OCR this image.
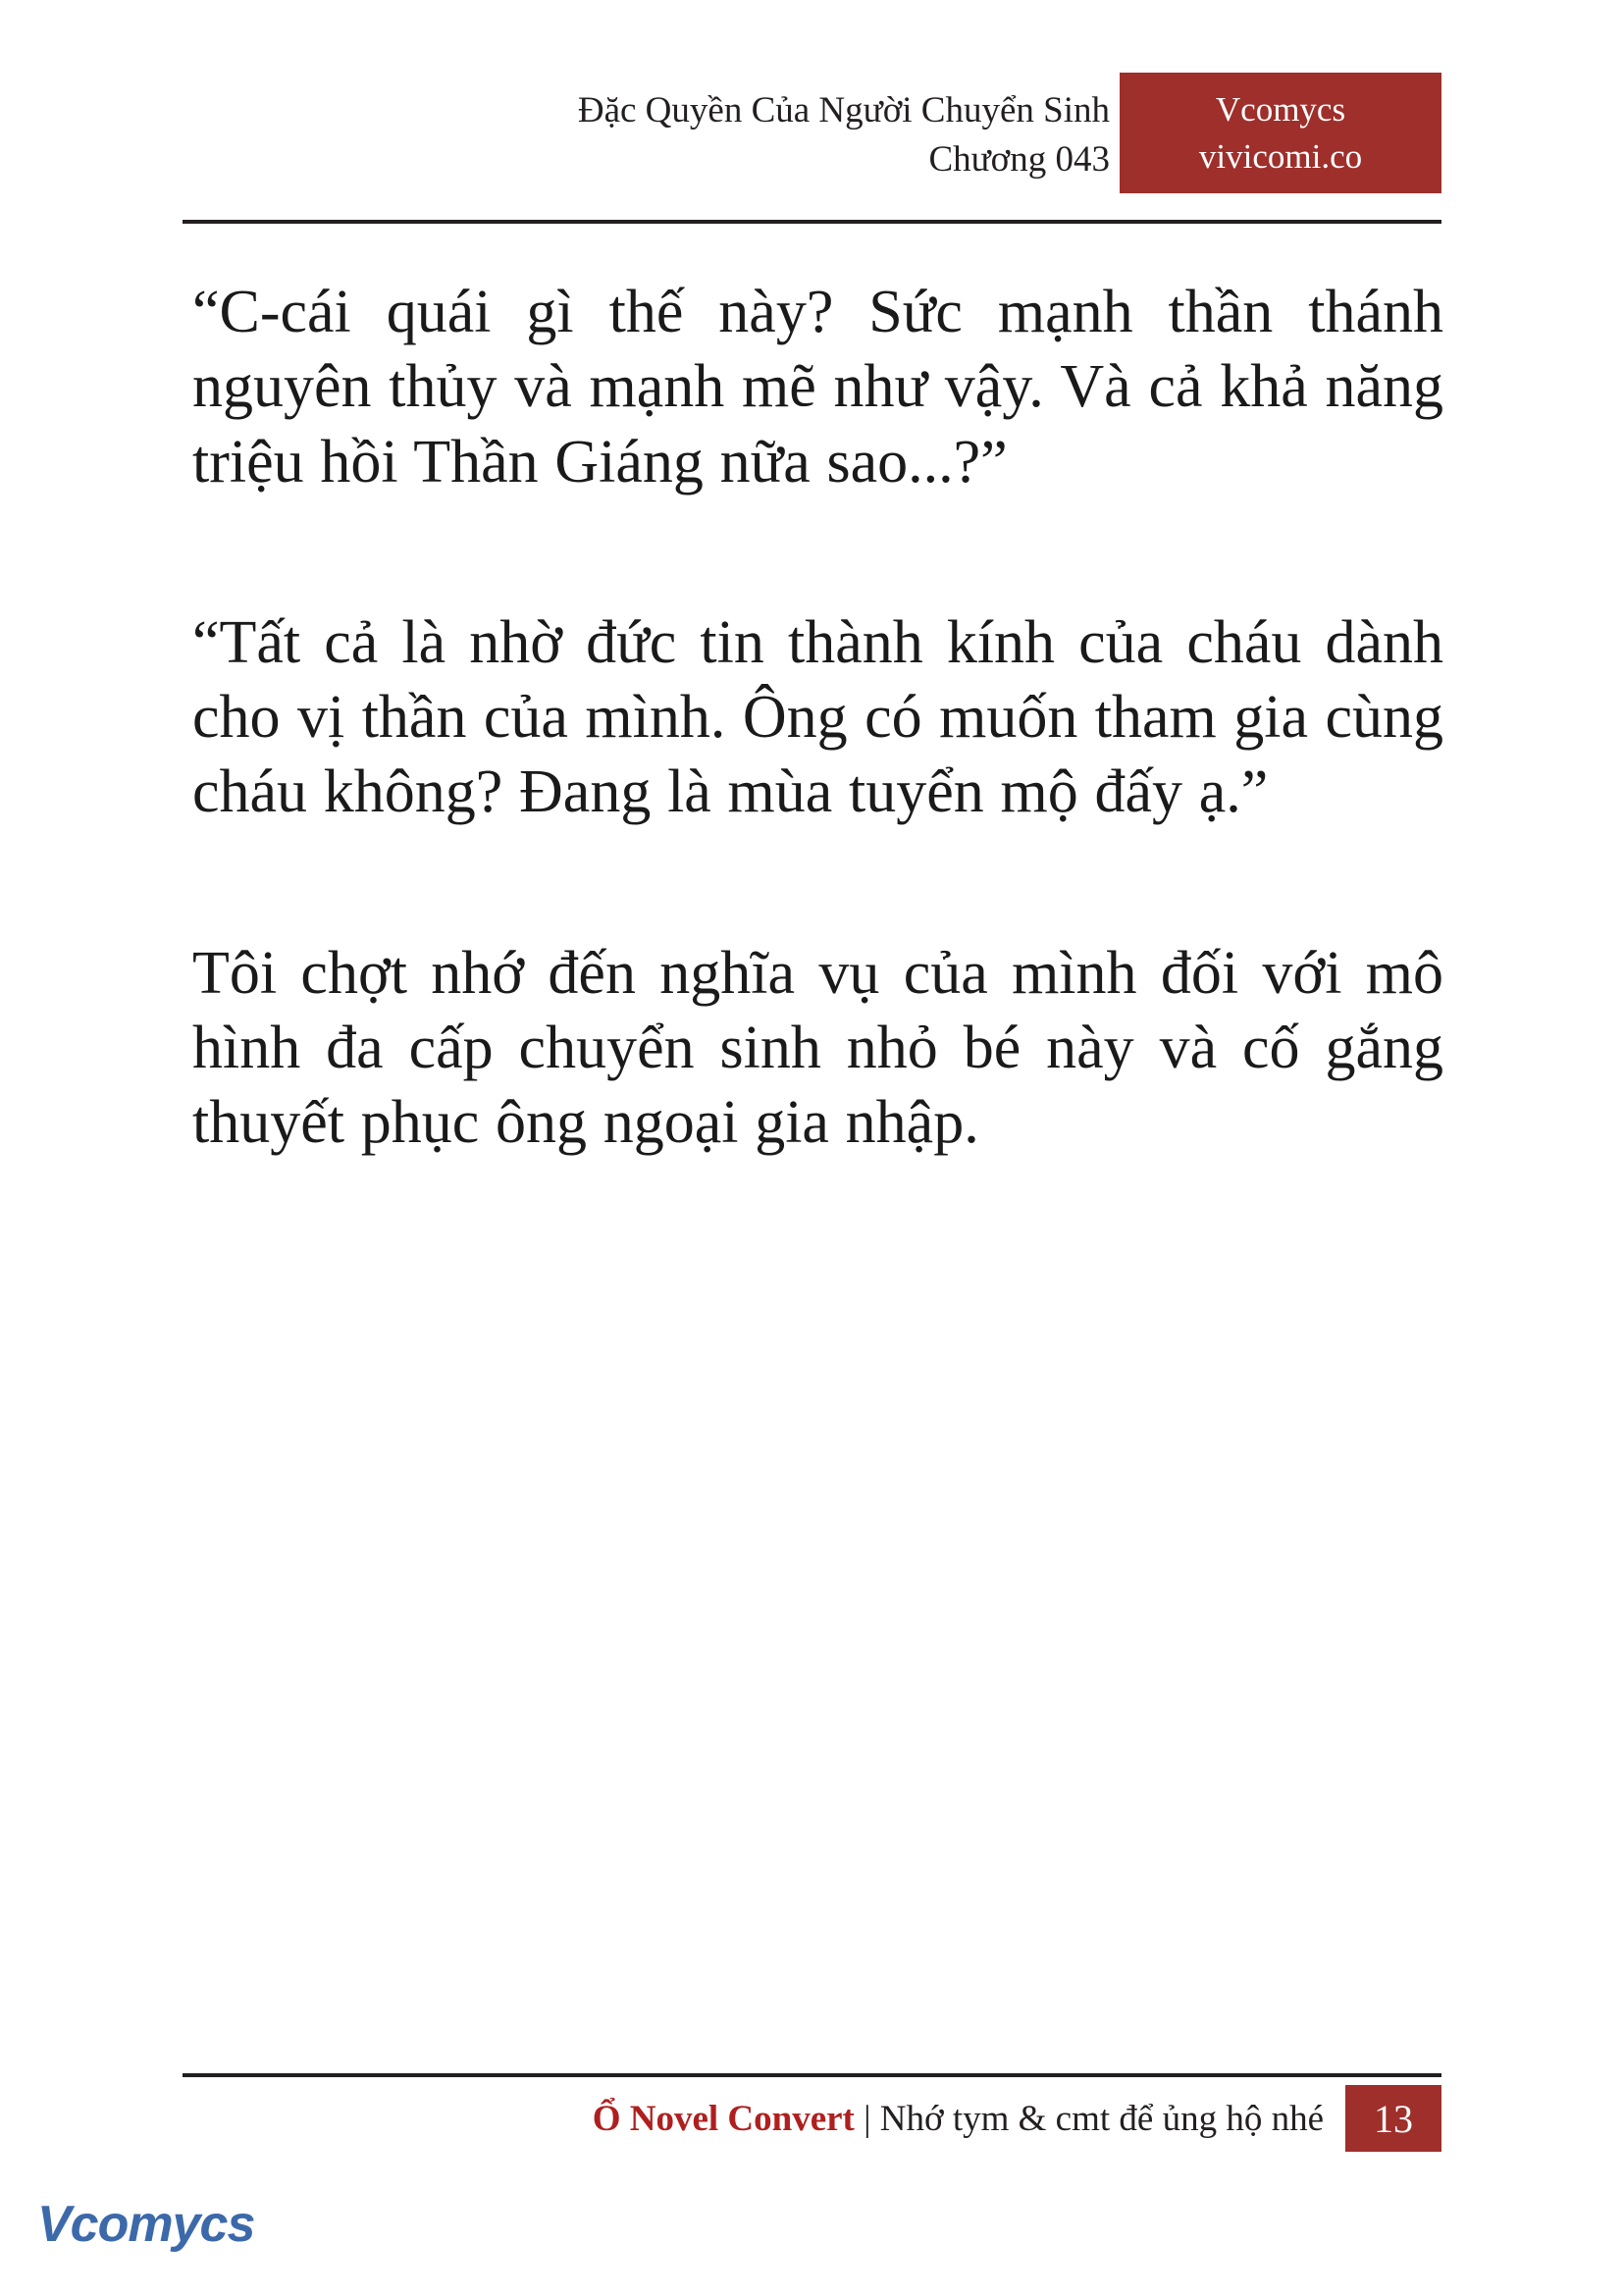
Đặc Quyền Của Người Chuyển Sinh
Chương 043
Vcomycs
vivicomi.co

“C-cái quái gì thế này? Sức mạnh thần thánh nguyên thủy và mạnh mẽ như vậy. Và cả khả năng triệu hồi Thần Giáng nữa sao...?”

“Tất cả là nhờ đức tin thành kính của cháu dành cho vị thần của mình. Ông có muốn tham gia cùng cháu không? Đang là mùa tuyển mộ đấy ạ.”

Tôi chợt nhớ đến nghĩa vụ của mình đối với mô hình đa cấp chuyển sinh nhỏ bé này và cố gắng thuyết phục ông ngoại gia nhập.

Ổ Novel Convert | Nhớ tym & cmt để ủng hộ nhé	13
Vcomycs
